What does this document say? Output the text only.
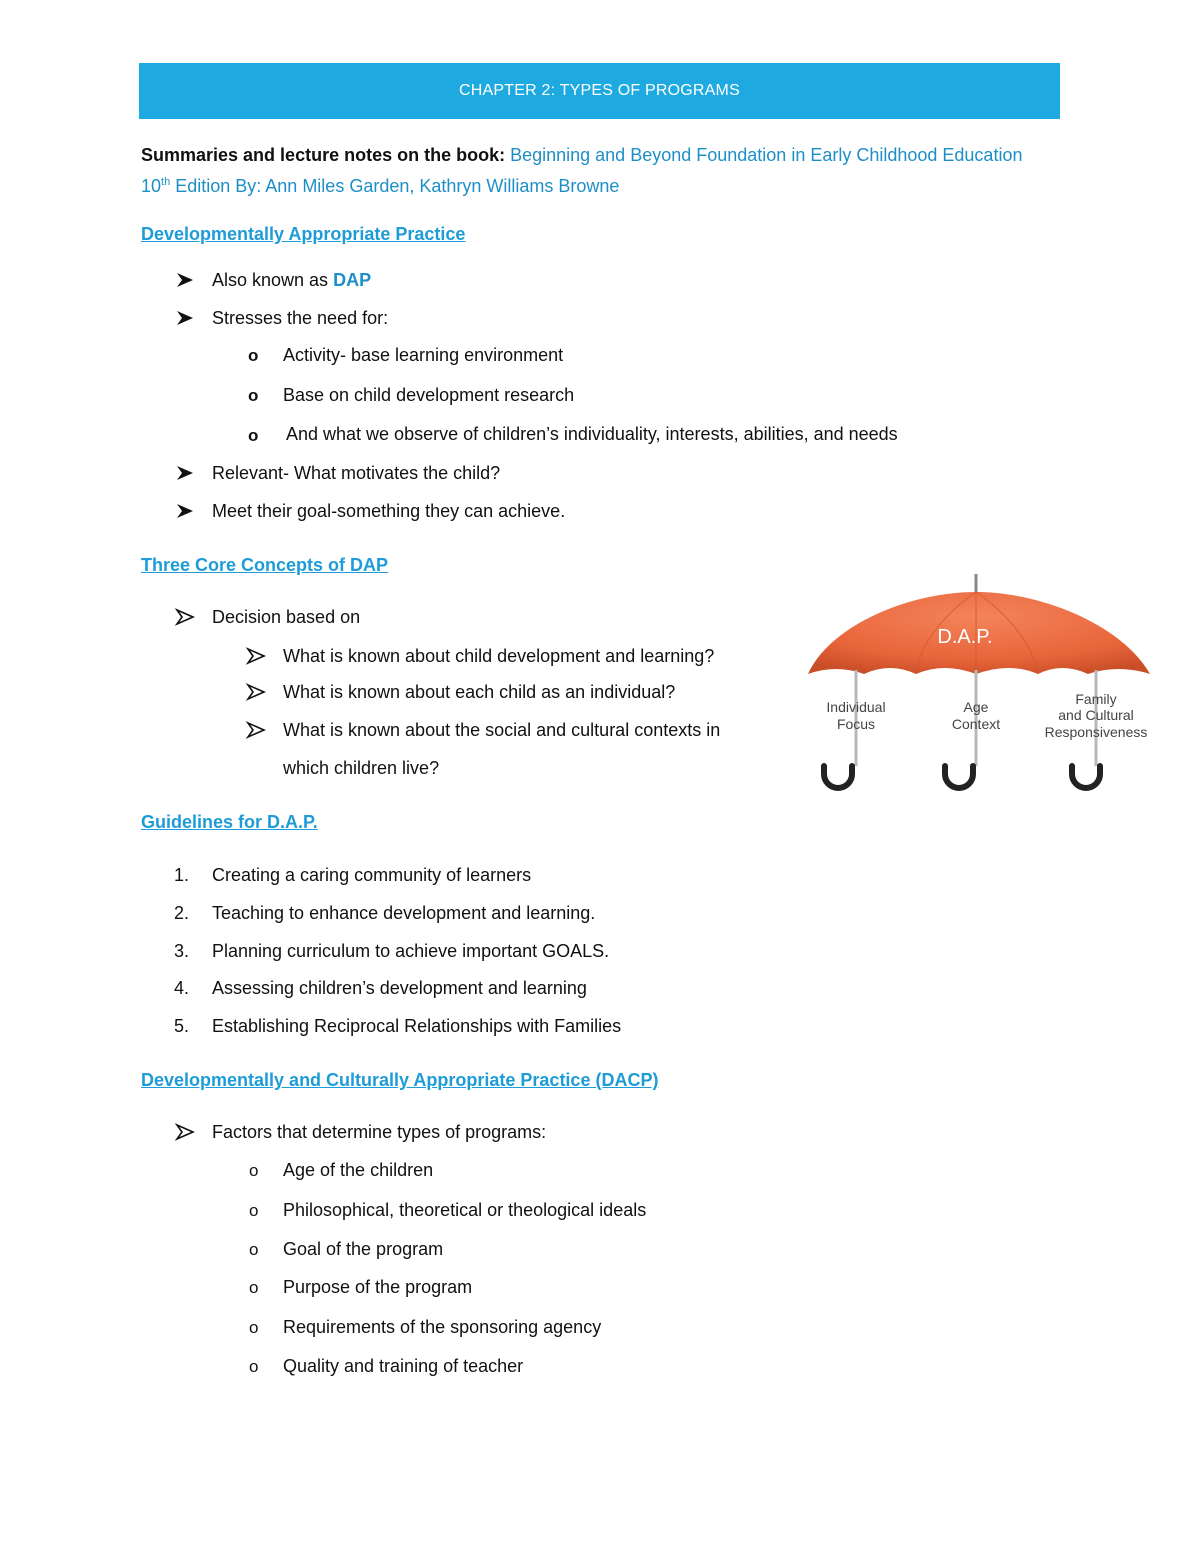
CHAPTER 2: TYPES OF PROGRAMS
Summaries and lecture notes on the book: Beginning and Beyond Foundation in Early Childhood Education
10th Edition By: Ann Miles Garden, Kathryn Williams Browne
Developmentally Appropriate Practice
Also known as DAP
Stresses the need for:
o Activity- base learning environment
o Base on child development research
o And what we observe of children’s individuality, interests, abilities, and needs
Relevant- What motivates the child?
Meet their goal-something they can achieve.
Three Core Concepts of DAP
Decision based on
What is known about child development and learning?
What is known about each child as an individual?
What is known about the social and cultural contexts in
which children live?
D.A.P.
Individual
Focus
Age
Context
Family
and Cultural
Responsiveness
Guidelines for D.A.P.
1. Creating a caring community of learners
2. Teaching to enhance development and learning.
3. Planning curriculum to achieve important GOALS.
4. Assessing children’s development and learning
5. Establishing Reciprocal Relationships with Families
Developmentally and Culturally Appropriate Practice (DACP)
Factors that determine types of programs:
o Age of the children
o Philosophical, theoretical or theological ideals
o Goal of the program
o Purpose of the program
o Requirements of the sponsoring agency
o Quality and training of teacher
